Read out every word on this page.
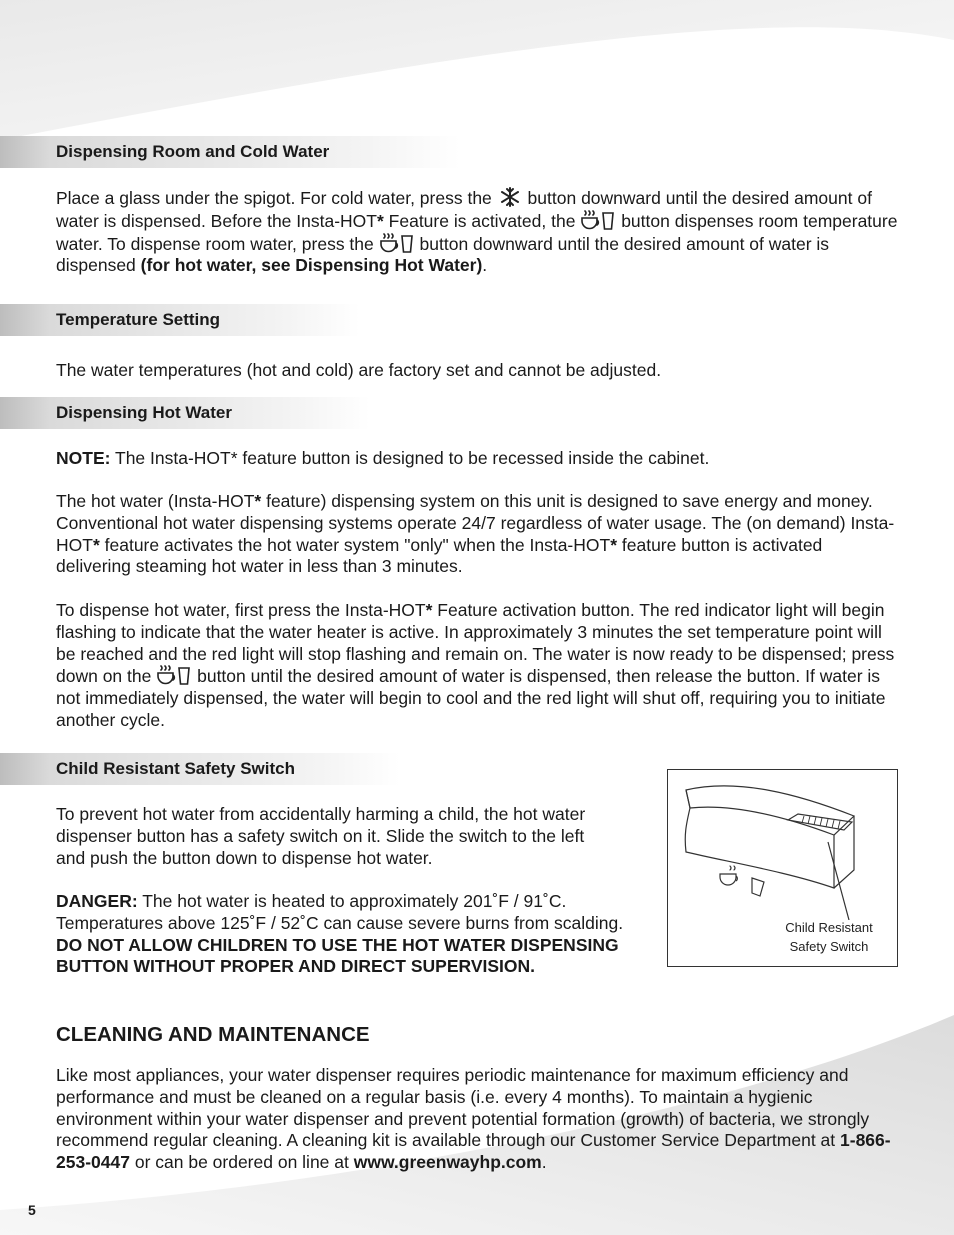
Dispensing Room and Cold Water

Place a glass under the spigot. For cold water, press the button downward until the desired amount of water is dispensed. Before the Insta-HOT* Feature is activated, the	button dispenses room temperature water. To dispense room water, press the	button downward until the desired amount of water is dispensed (for hot water, see Dispensing Hot Water).

Temperature Setting

The water temperatures (hot and cold) are factory set and cannot be adjusted.

Dispensing Hot Water

NOTE: The Insta-HOT* feature button is designed to be recessed inside the cabinet.

The hot water (Insta-HOT* feature) dispensing system on this unit is designed to save energy and money. Conventional hot water dispensing systems operate 24/7 regardless of water usage. The (on demand) Insta-HOT* feature activates the hot water system "only" when the Insta-HOT* feature button is activated delivering steaming hot water in less than 3 minutes.

To dispense hot water, first press the Insta-HOT* Feature activation button. The red indicator light will begin flashing to indicate that the water heater is active. In approximately 3 minutes the set temperature point will be reached and the red light will stop flashing and remain on. The water is now ready to be dispensed; press down on the	button until the desired amount of water is dispensed, then release the button. If water is not immediately dispensed, the water will begin to cool and the red light will shut off, requiring you to initiate another cycle.

Child Resistant Safety Switch

To prevent hot water from accidentally harming a child, the hot water dispenser button has a safety switch on it. Slide the switch to the left and push the button down to dispense hot water.

DANGER: The hot water is heated to approximately 201˚F / 91˚C. Temperatures above 125˚F / 52˚C can cause severe burns from scalding. DO NOT ALLOW CHILDREN TO USE THE HOT WATER DISPENSING BUTTON WITHOUT PROPER AND DIRECT SUPERVISION.

Child Resistant
Safety Switch
CLEANING AND MAINTENANCE

Like most appliances, your water dispenser requires periodic maintenance for maximum efficiency and performance and must be cleaned on a regular basis (i.e. every 4 months). To maintain a hygienic environment within your water dispenser and prevent potential formation (growth) of bacteria, we strongly recommend regular cleaning. A cleaning kit is available through our Customer Service Department at 1-866-253-0447 or can be ordered on line at www.greenwayhp.com.

5
